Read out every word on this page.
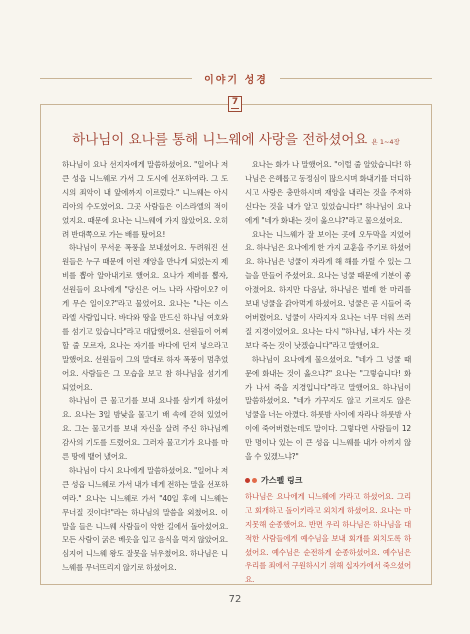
이야기 성경
7
하나님이 요나를 통해 니느웨에 사랑을 전하셨어요 욘 1~4장

하나님이 요나 선지자에게 말씀하셨어요. "일어나 저 큰 성읍 니느웨로 가서 그 도시에 선포하여라. 그 도시의 죄악이 내 앞에까지 이르렀다." 니느웨는 아시리아의 수도였어요. 그곳 사람들은 이스라엘의 적이었지요. 때문에 요나는 니느웨에 가지 않았어요. 오히려 반대쪽으로 가는 배를 탔어요!

하나님이 무서운 폭풍을 보내셨어요. 두려워진 선원들은 누구 때문에 이런 재앙을 만나게 되었는지 제비를 뽑아 알아내기로 했어요. 요나가 제비를 뽑자, 선원들이 요나에게 "당신은 어느 나라 사람이오? 이게 무슨 일이오?"라고 물었어요. 요나는 "나는 이스라엘 사람입니다. 바다와 땅을 만드신 하나님 여호와를 섬기고 있습니다"라고 대답했어요. 선원들이 어찌할 줄 모르자, 요나는 자기를 바다에 던져 넣으라고 말했어요. 선원들이 그의 말대로 하자 폭풍이 멈추었어요. 사람들은 그 모습을 보고 참 하나님을 섬기게 되었어요.

하나님이 큰 물고기를 보내 요나를 삼키게 하셨어요. 요나는 3일 밤낮을 물고기 배 속에 갇혀 있었어요. 그는 물고기를 보내 자신을 살려 주신 하나님께 감사의 기도를 드렸어요. 그러자 물고기가 요나를 마른 땅에 뱉어 냈어요.

하나님이 다시 요나에게 말씀하셨어요. "일어나 저 큰 성읍 니느웨로 가서 내가 네게 전하는 말을 선포하여라." 요나는 니느웨로 가서 "40일 후에 니느웨는 무너질 것이다!"라는 하나님의 말씀을 외쳤어요. 이 말을 들은 니느웨 사람들이 악한 길에서 돌아섰어요. 모든 사람이 굵은 베옷을 입고 음식을 먹지 않았어요. 심지어 니느웨 왕도 잘못을 뉘우쳤어요. 하나님은 니느웨를 무너뜨리지 않기로 하셨어요.

요나는 화가 나 말했어요. "이럴 줄 알았습니다! 하나님은 은혜롭고 동정심이 많으시며 화내기를 더디하시고 사랑은 충만하시며 재앙을 내리는 것을 주저하신다는 것을 내가 알고 있었습니다!" 하나님이 요나에게 "네가 화내는 것이 옳으냐?"라고 물으셨어요.

요나는 니느웨가 잘 보이는 곳에 오두막을 지었어요. 하나님은 요나에게 한 가지 교훈을 주기로 하셨어요. 하나님은 넝쿨이 자라게 해 해를 가릴 수 있는 그늘을 만들어 주셨어요. 요나는 넝쿨 때문에 기분이 좋아졌어요. 하지만 다음날, 하나님은 벌레 한 마리를 보내 넝쿨을 갉아먹게 하셨어요. 넝쿨은 곧 시들어 죽어버렸어요. 넝쿨이 사라지자 요나는 너무 더워 쓰러질 지경이었어요. 요나는 다시 "하나님, 내가 사는 것보다 죽는 것이 낫겠습니다"라고 말했어요.

하나님이 요나에게 물으셨어요. "네가 그 넝쿨 때문에 화내는 것이 옳으냐?" 요나는 "그렇습니다! 화가 나서 죽을 지경입니다"라고 말했어요. 하나님이 말씀하셨어요. "네가 가꾸지도 않고 기르지도 않은 넝쿨을 너는 아꼈다. 하룻밤 사이에 자라나 하룻밤 사이에 죽어버렸는데도 말이다. 그렇다면 사람들이 12만 명이나 있는 이 큰 성읍 니느웨를 내가 아끼지 않을 수 있겠느냐?"

가스펠 링크

하나님은 요나에게 니느웨에 가라고 하셨어요. 그리고 회개하고 돌이키라고 외치게 하셨어요. 요나는 마지못해 순종했어요. 반면 우리 하나님은 하나님을 대적한 사람들에게 예수님을 보내 회개를 외치도록 하셨어요. 예수님은 순전하게 순종하셨어요. 예수님은 우리를 죄에서 구원하시기 위해 십자가에서 죽으셨어요.

72
